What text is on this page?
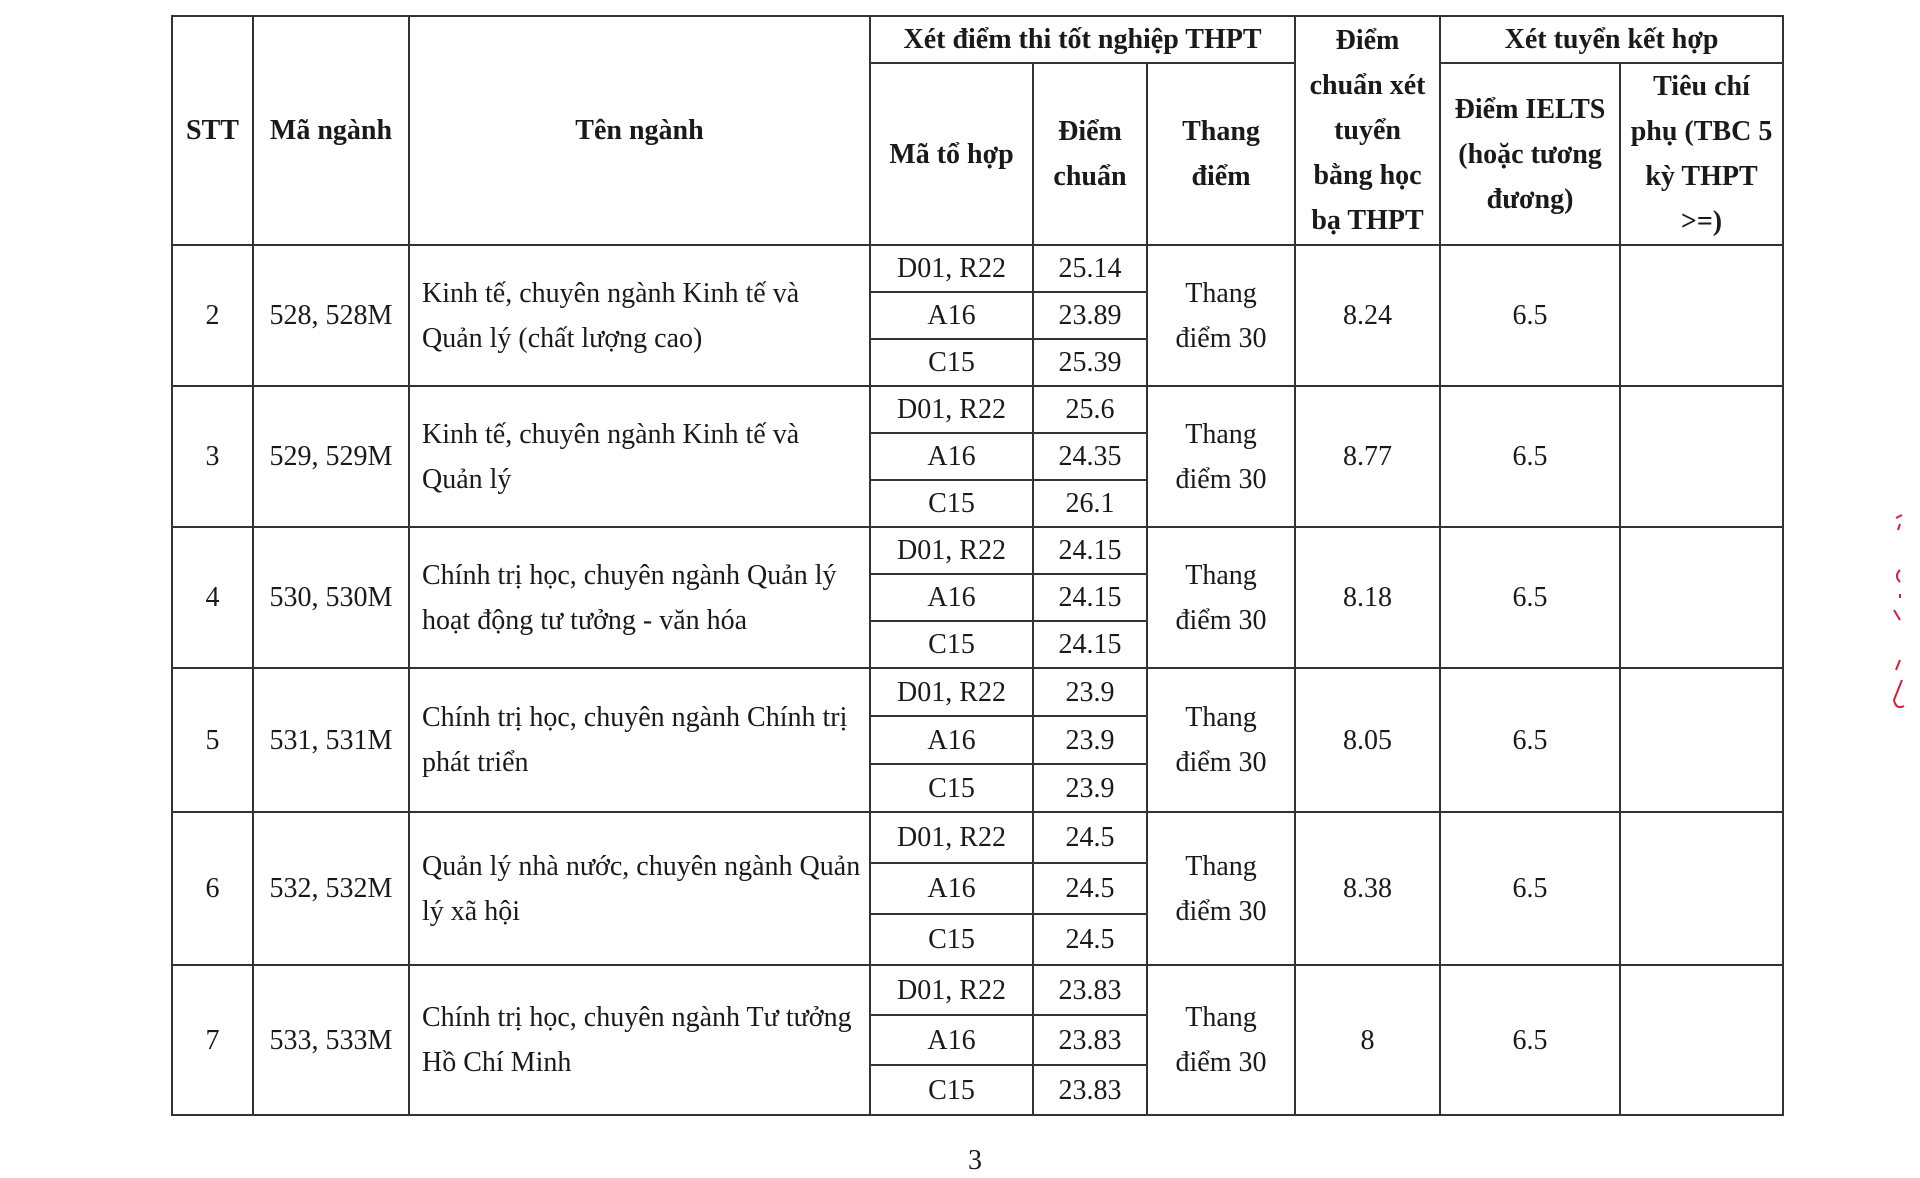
STT	Mã ngành	Tên ngành	Xét điểm thi tốt nghiệp THPT			Điểm chuẩn xét tuyển bằng học bạ THPT	Xét tuyển kết hợp	
			Mã tổ hợp	Điểm chuẩn	Thang điểm		Điểm IELTS (hoặc tương đương)	Tiêu chí phụ (TBC 5 kỳ THPT >=)
2	528, 528M	Kinh tế, chuyên ngành Kinh tế và Quản lý (chất lượng cao)	D01, R22	25.14	Thang điểm 30	8.24	6.5	
			A16	23.89				
			C15	25.39				
3	529, 529M	Kinh tế, chuyên ngành Kinh tế và Quản lý	D01, R22	25.6	Thang điểm 30	8.77	6.5	
			A16	24.35				
			C15	26.1				
4	530, 530M	Chính trị học, chuyên ngành Quản lý hoạt động tư tưởng - văn hóa	D01, R22	24.15	Thang điểm 30	8.18	6.5	
			A16	24.15				
			C15	24.15				
5	531, 531M	Chính trị học, chuyên ngành Chính trị phát triển	D01, R22	23.9	Thang điểm 30	8.05	6.5	
			A16	23.9				
			C15	23.9				
6	532, 532M	Quản lý nhà nước, chuyên ngành Quản lý xã hội	D01, R22	24.5	Thang điểm 30	8.38	6.5	
			A16	24.5				
			C15	24.5				
7	533, 533M	Chính trị học, chuyên ngành Tư tưởng Hồ Chí Minh	D01, R22	23.83	Thang điểm 30	8	6.5	
			A16	23.83				
			C15	23.83				
3
